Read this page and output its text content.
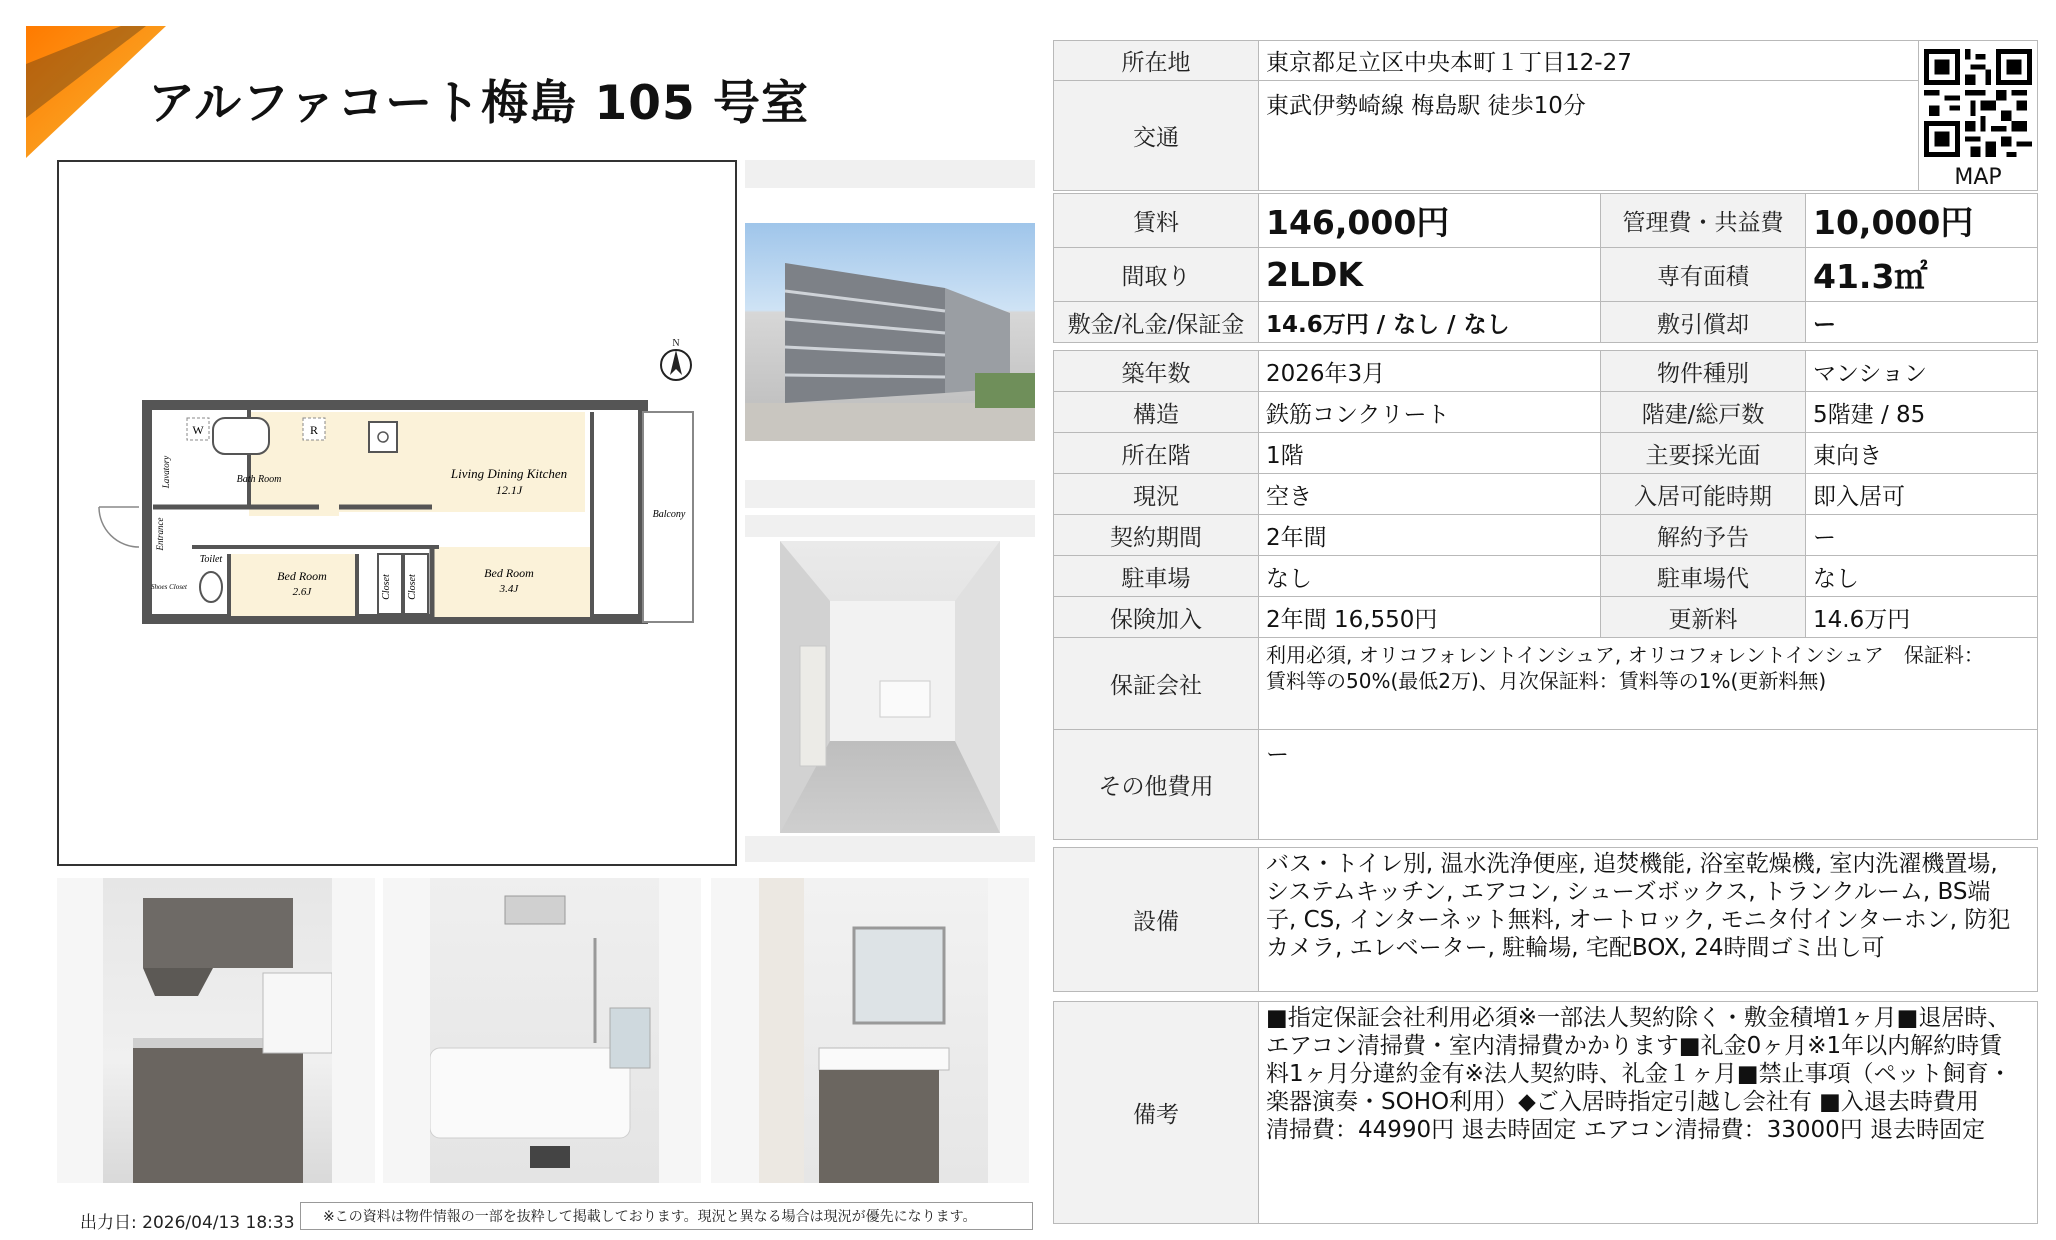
アルファコート梅島 105 号室
N
W	R
Living Dining Kitchen
12.1J
Bed Room
2.6J
Bed Room
3.4J
Bath Room
Toilet
Balcony
Closet Closet
Lavatory
Entrance
Shoes Closet
出力日: 2026/04/13 18:33	※この資料は物件情報の一部を抜粋して掲載しております。現況と異なる場合は現況が優先になります。
所在地	東京都足立区中央本町１丁目12-27	MAP

交通	東武伊勢崎線 梅島駅 徒歩10分	
賃料	146,000円	管理費・共益費	10,000円
間取り	2LDK	専有面積	41.3㎡
敷金/礼金/保証金	14.6万円 / なし / なし	敷引償却	ー
築年数	2026年3月	物件種別	マンション
構造	鉄筋コンクリート	階建/総戸数	5階建 / 85
所在階	1階	主要採光面	東向き
現況	空き	入居可能時期	即入居可
契約期間	2年間	解約予告	ー
駐車場	なし	駐車場代	なし
保険加入	2年間 16,550円	更新料	14.6万円
保証会社	利用必須, オリコフォレントインシュア, オリコフォレントインシュア　保証料：
賃料等の50%(最低2万)、月次保証料：賃料等の1%(更新料無)

その他費用	ー
設備	
バス・トイレ別, 温水洗浄便座, 追焚機能, 浴室乾燥機, 室内洗濯機置場,
システムキッチン, エアコン, シューズボックス, トランクルーム, BS端
子, CS, インターネット無料, オートロック, モニタ付インターホン, 防犯
カメラ, エレベーター, 駐輪場, 宅配BOX, 24時間ゴミ出し可
備考	
■指定保証会社利用必須※一部法人契約除く・敷金積増1ヶ月■退居時、
エアコン清掃費・室内清掃費かかります■礼金0ヶ月※1年以内解約時賃
料1ヶ月分違約金有※法人契約時、礼金１ヶ月■禁止事項（ペット飼育・
楽器演奏・SOHO利用）◆ご入居時指定引越し会社有 ■入退去時費用
清掃費：44990円 退去時固定 エアコン清掃費：33000円 退去時固定
